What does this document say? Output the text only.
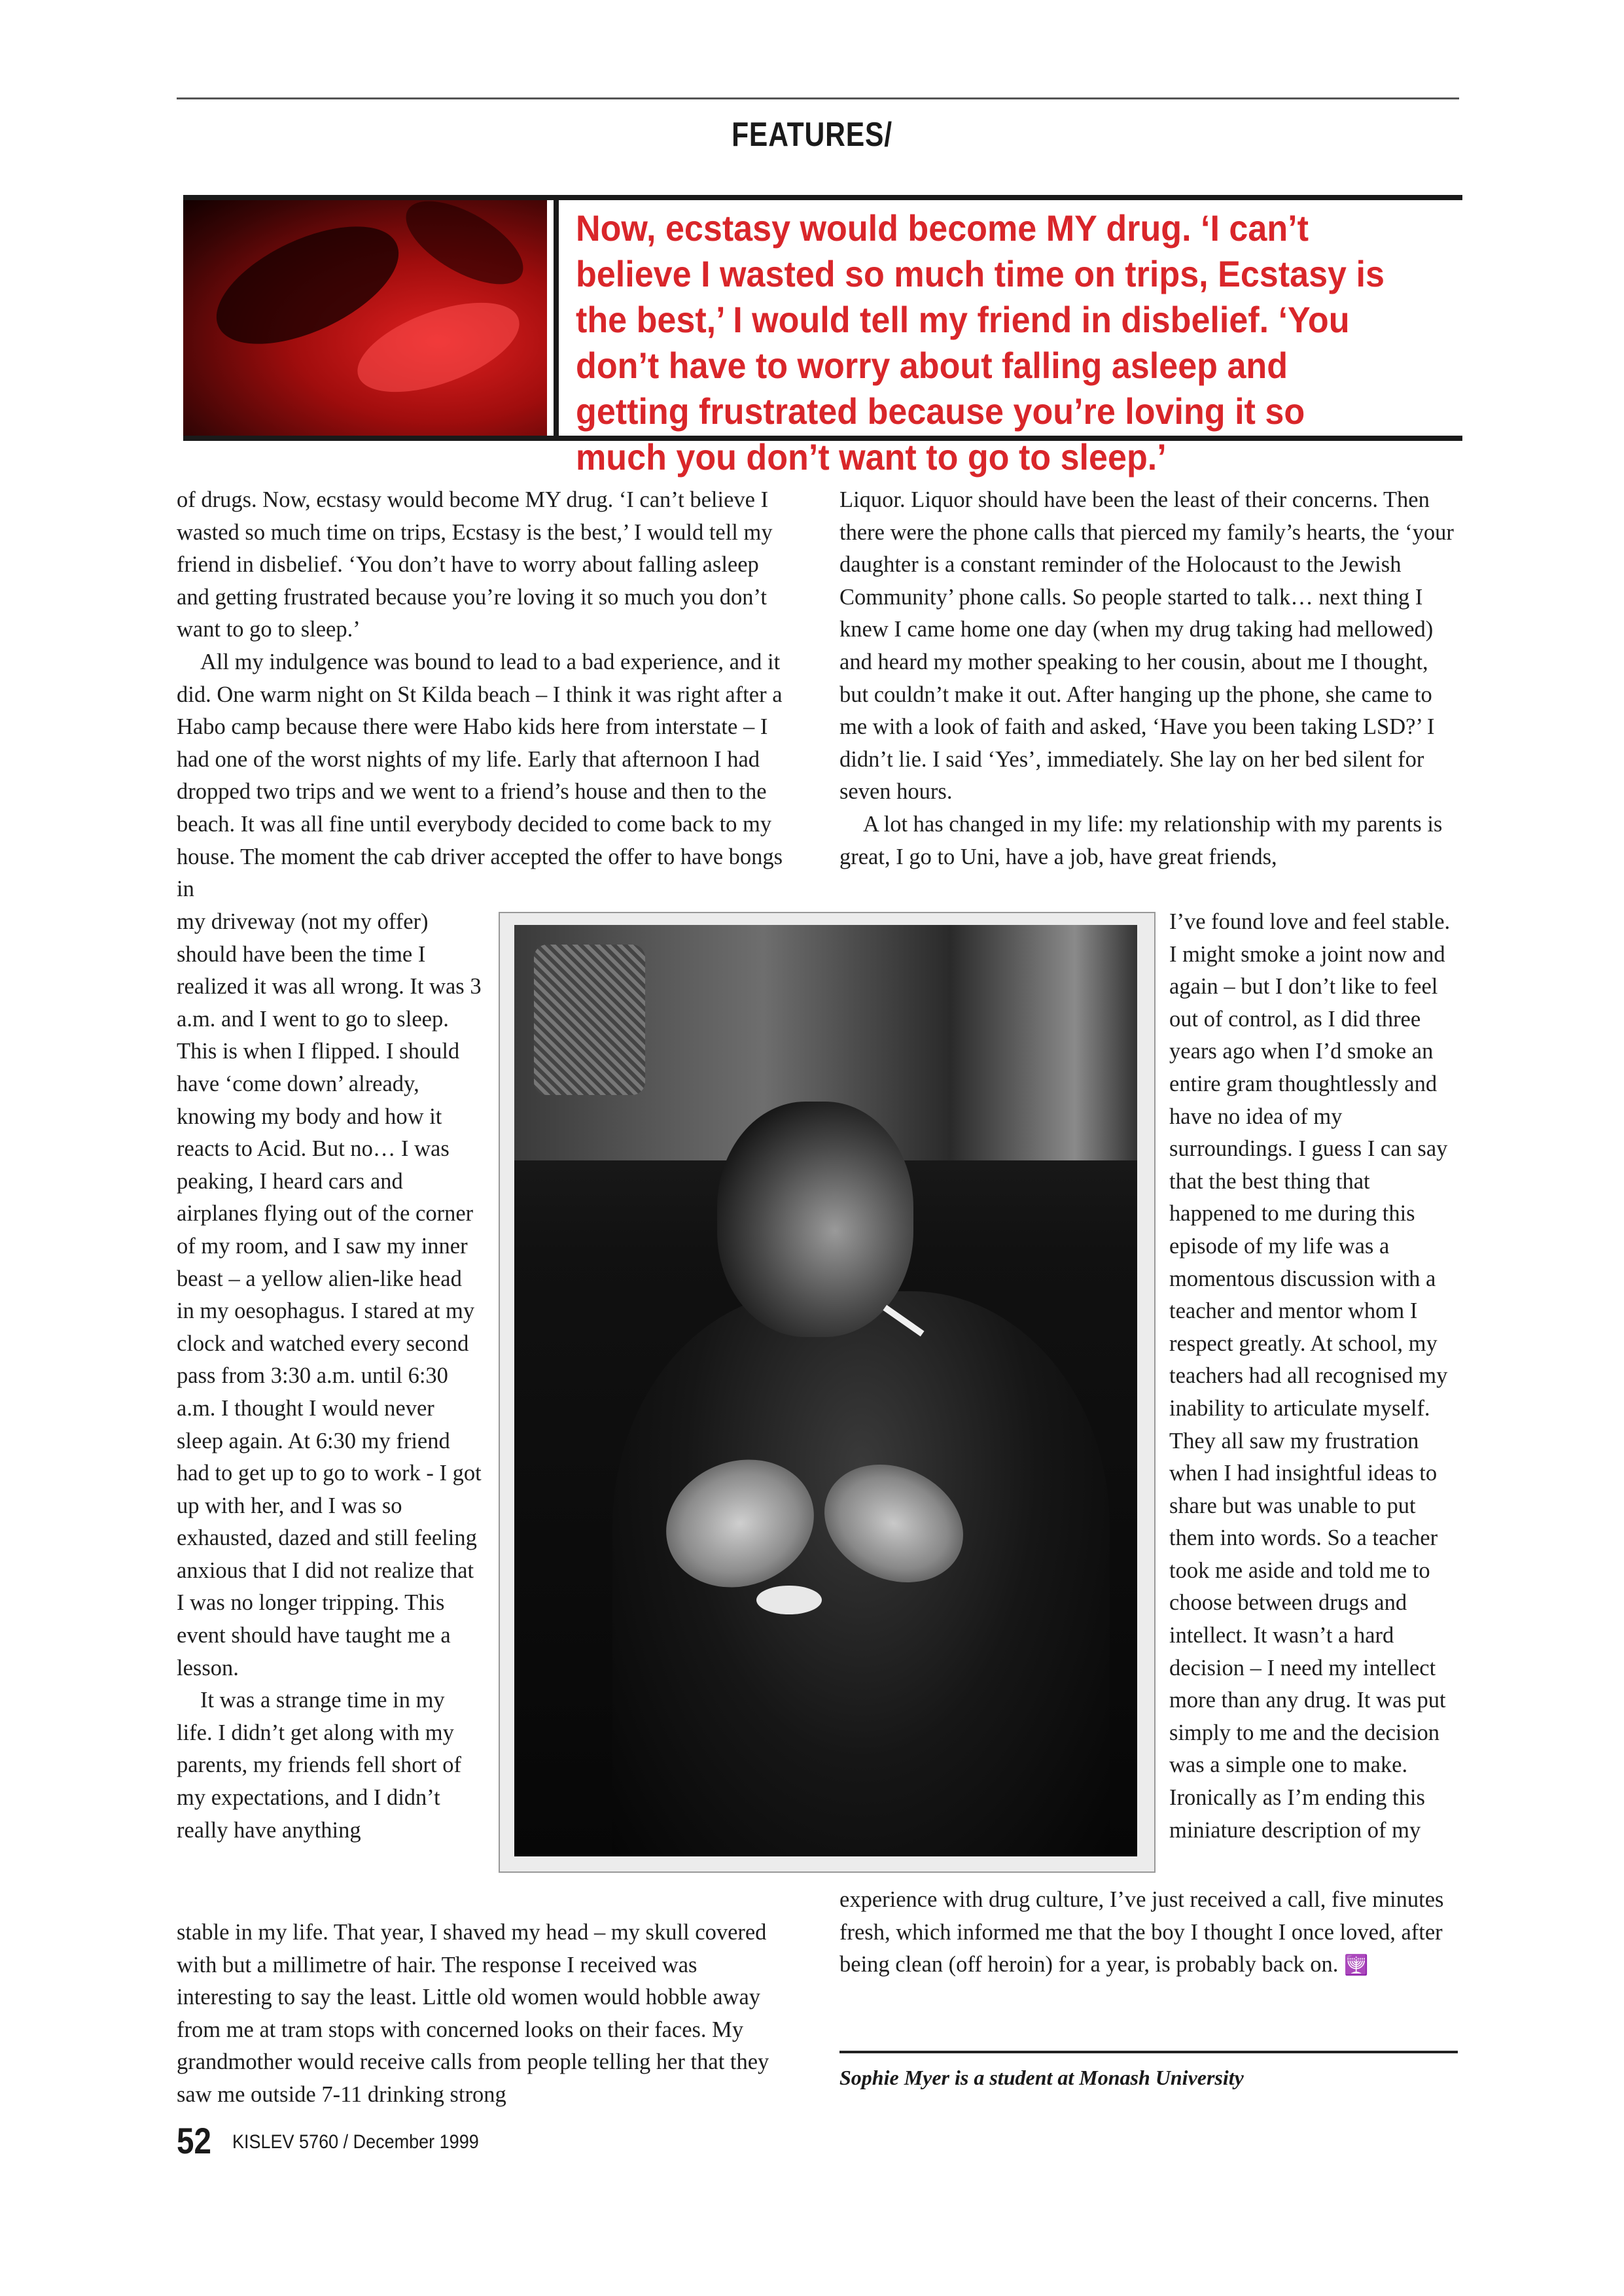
FEATURES/

Now, ecstasy would become MY drug. ‘I can’t believe I wasted so much time on trips, Ecstasy is the best,’ I would tell my friend in disbelief. ‘You don’t have to worry about falling asleep and getting frustrated because you’re loving it so much you don’t want to go to sleep.’

of drugs. Now, ecstasy would become MY drug. ‘I can’t believe I wasted so much time on trips, Ecstasy is the best,’ I would tell my friend in disbelief. ‘You don’t have to worry about falling asleep and getting frustrated because you’re loving it so much you don’t want to go to sleep.’

All my indulgence was bound to lead to a bad experience, and it did. One warm night on St Kilda beach – I think it was right after a Habo camp because there were Habo kids here from interstate – I had one of the worst nights of my life. Early that afternoon I had dropped two trips and we went to a friend’s house and then to the beach. It was all fine until everybody decided to come back to my house. The moment the cab driver accepted the offer to have bongs in

my driveway (not my offer) should have been the time I realized it was all wrong. It was 3 a.m. and I went to go to sleep. This is when I flipped. I should have ‘come down’ already, knowing my body and how it reacts to Acid. But no… I was peaking, I heard cars and airplanes flying out of the corner of my room, and I saw my inner beast – a yellow alien-like head in my oesophagus. I stared at my clock and watched every second pass from 3:30 a.m. until 6:30 a.m. I thought I would never sleep again. At 6:30 my friend had to get up to go to work - I got up with her, and I was so exhausted, dazed and still feeling anxious that I did not realize that I was no longer tripping. This event should have taught me a lesson.

It was a strange time in my life. I didn’t get along with my parents, my friends fell short of my expectations, and I didn’t really have anything

stable in my life. That year, I shaved my head – my skull covered with but a millimetre of hair. The response I received was interesting to say the least. Little old women would hobble away from me at tram stops with concerned looks on their faces. My grandmother would receive calls from people telling her that they saw me outside 7-11 drinking strong

Liquor. Liquor should have been the least of their concerns. Then there were the phone calls that pierced my family’s hearts, the ‘your daughter is a constant reminder of the Holocaust to the Jewish Community’ phone calls. So people started to talk… next thing I knew I came home one day (when my drug taking had mellowed) and heard my mother speaking to her cousin, about me I thought, but couldn’t make it out. After hanging up the phone, she came to me with a look of faith and asked, ‘Have you been taking LSD?’ I didn’t lie. I said ‘Yes’, immediately. She lay on her bed silent for seven hours.

A lot has changed in my life: my relationship with my parents is great, I go to Uni, have a job, have great friends,

I’ve found love and feel stable. I might smoke a joint now and again – but I don’t like to feel out of control, as I did three years ago when I’d smoke an entire gram thoughtlessly and have no idea of my surroundings. I guess I can say that the best thing that happened to me during this episode of my life was a momentous discussion with a teacher and mentor whom I respect greatly. At school, my teachers had all recognised my inability to articulate myself. They all saw my frustration when I had insightful ideas to share but was unable to put them into words. So a teacher took me aside and told me to choose between drugs and intellect. It wasn’t a hard decision – I need my intellect more than any drug. It was put simply to me and the decision was a simple one to make. Ironically as I’m ending this miniature description of my

experience with drug culture, I’ve just received a call, five minutes fresh, which informed me that the boy I thought I once loved, after being clean (off heroin) for a year, is probably back on. 🕎

Sophie Myer is a student at Monash University
52 KISLEV 5760 / December 1999
